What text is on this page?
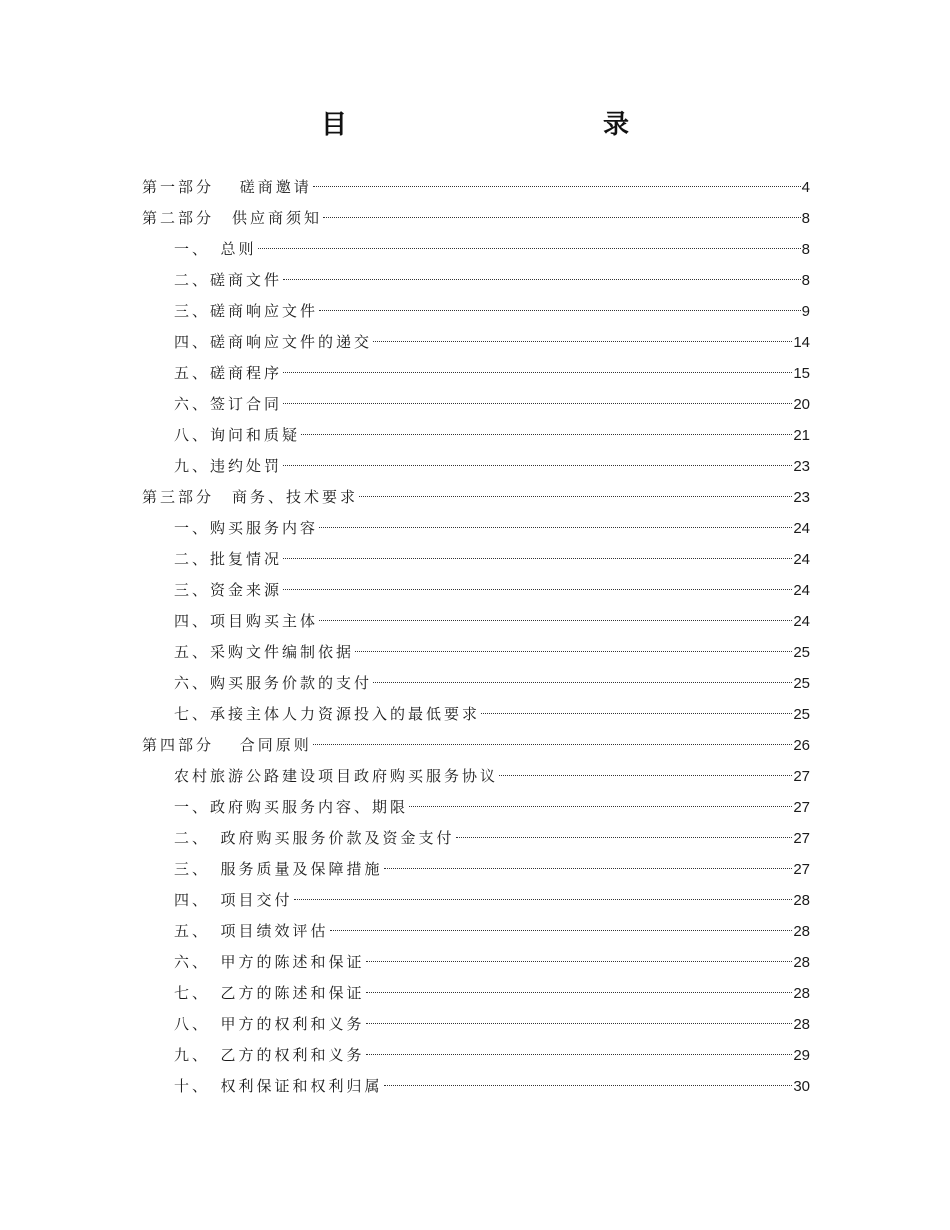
目　　录
第一部分　 磋商邀请	4
第二部分　供应商须知	8
一、　总则	8
二、磋商文件	8
三、磋商响应文件	9
四、磋商响应文件的递交	14
五、磋商程序	15
六、签订合同	20
八、询问和质疑	21
九、违约处罚	23
第三部分　商务、技术要求	23
一、购买服务内容	24
二、批复情况	24
三、资金来源	24
四、项目购买主体	24
五、采购文件编制依据	25
六、购买服务价款的支付	25
七、承接主体人力资源投入的最低要求	25
第四部分　 合同原则	26
农村旅游公路建设项目政府购买服务协议	27
一、政府购买服务内容、期限	27
二、　政府购买服务价款及资金支付	27
三、　服务质量及保障措施	27
四、　项目交付	28
五、　项目绩效评估	28
六、　甲方的陈述和保证	28
七、　乙方的陈述和保证	28
八、　甲方的权利和义务	28
九、　乙方的权利和义务	29
十、　权利保证和权利归属	30
